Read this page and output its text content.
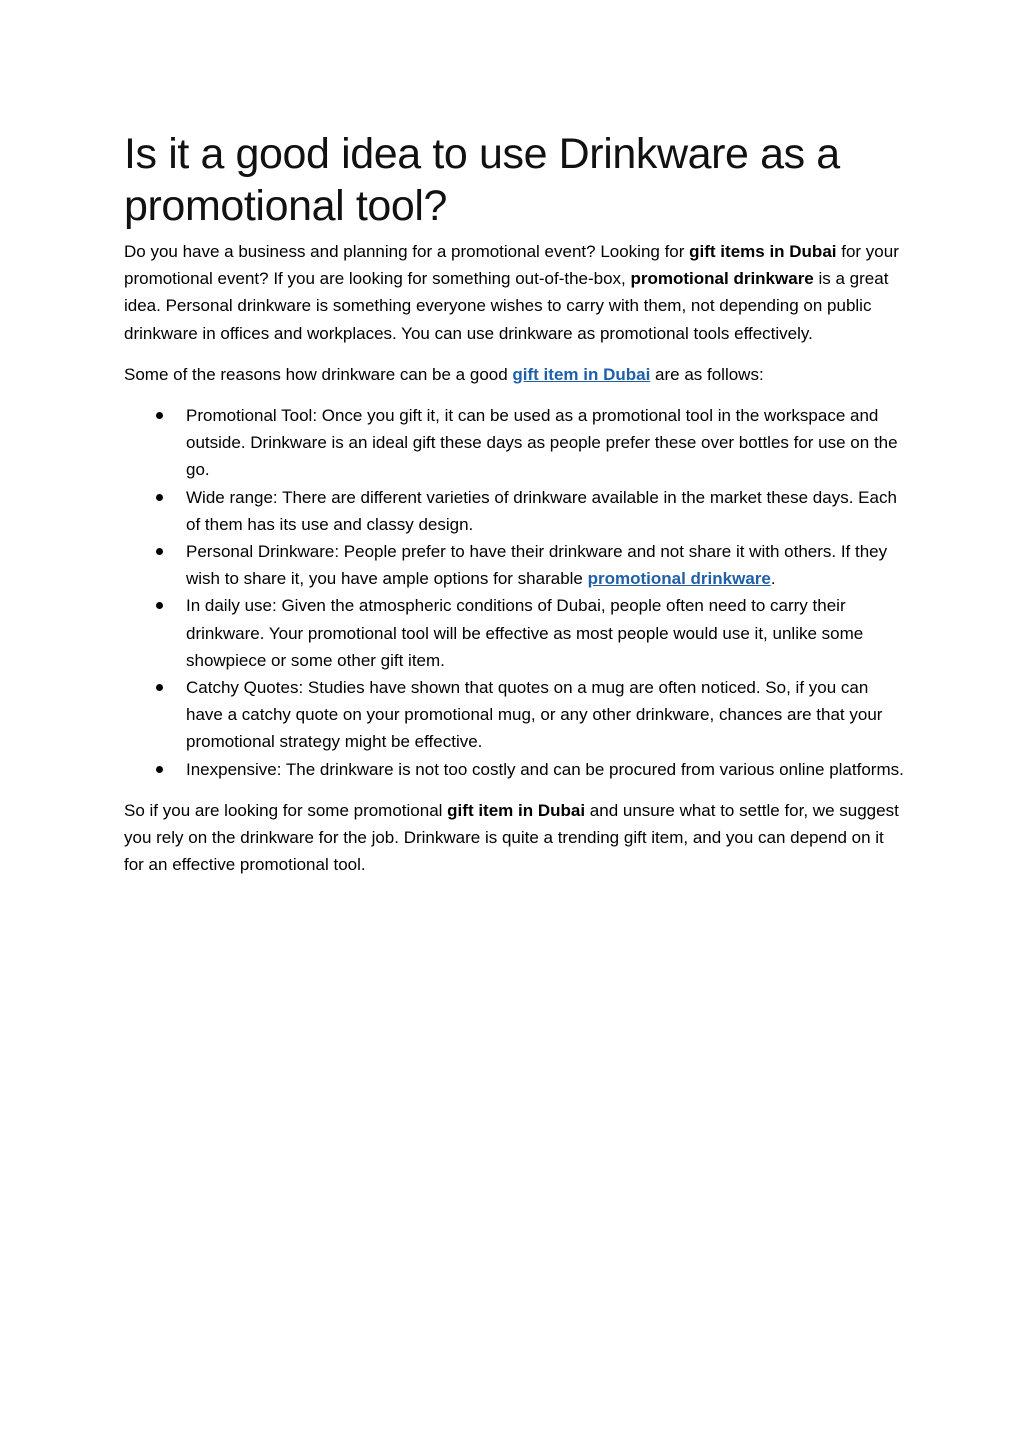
Is it a good idea to use Drinkware as a promotional tool?

Do you have a business and planning for a promotional event? Looking for gift items in Dubai for your promotional event? If you are looking for something out-of-the-box, promotional drinkware is a great idea. Personal drinkware is something everyone wishes to carry with them, not depending on public drinkware in offices and workplaces. You can use drinkware as promotional tools effectively.

Some of the reasons how drinkware can be a good gift item in Dubai are as follows:

Promotional Tool: Once you gift it, it can be used as a promotional tool in the workspace and outside. Drinkware is an ideal gift these days as people prefer these over bottles for use on the go.
Wide range: There are different varieties of drinkware available in the market these days. Each of them has its use and classy design.
Personal Drinkware: People prefer to have their drinkware and not share it with others. If they wish to share it, you have ample options for sharable promotional drinkware.
In daily use: Given the atmospheric conditions of Dubai, people often need to carry their drinkware. Your promotional tool will be effective as most people would use it, unlike some showpiece or some other gift item.
Catchy Quotes: Studies have shown that quotes on a mug are often noticed. So, if you can have a catchy quote on your promotional mug, or any other drinkware, chances are that your promotional strategy might be effective.
Inexpensive: The drinkware is not too costly and can be procured from various online platforms.

So if you are looking for some promotional gift item in Dubai and unsure what to settle for, we suggest you rely on the drinkware for the job. Drinkware is quite a trending gift item, and you can depend on it for an effective promotional tool.
